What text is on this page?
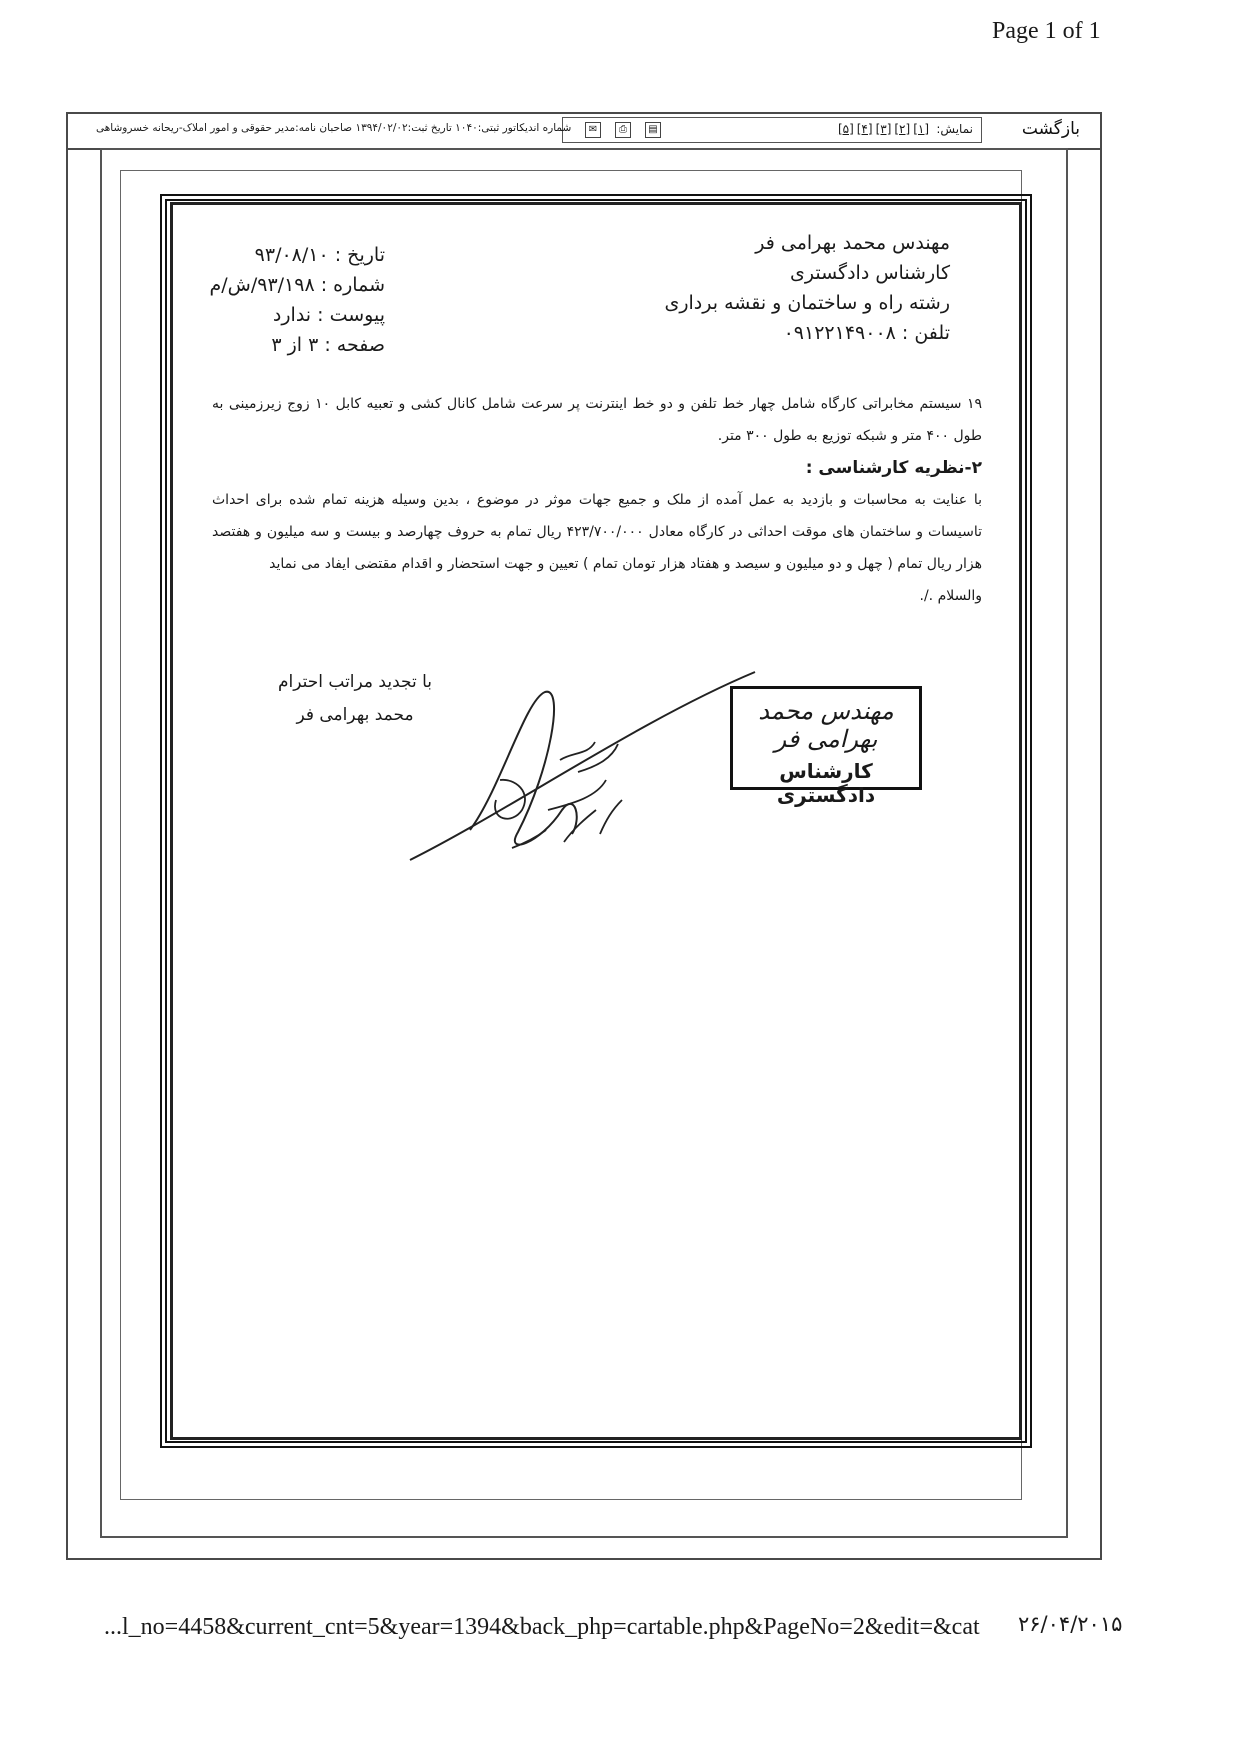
Page 1 of 1
بازگشت
نمایش:
[۵] [۴] [۳] [۲] [۱]
▤
⎙
✉
شماره اندیکاتور ثبتی:۱۰۴۰ تاریخ ثبت:۱۳۹۴/۰۲/۰۲ صاحبان نامه:مدیر حقوقی و امور املاک-ریحانه خسروشاهی
مهندس محمد بهرامی فر
کارشناس دادگستری
رشته راه و ساختمان و نقشه برداری
تلفن : ۰۹۱۲۲۱۴۹۰۰۸
تاریخ : ۹۳/۰۸/۱۰
شماره : ۹۳/۱۹۸/ش/م
پیوست : ندارد
صفحه : ۳ از ۳
۱۹ سیستم مخابراتی کارگاه شامل چهار خط تلفن و دو خط اینترنت پر سرعت شامل کانال کشی و تعبیه کابل ۱۰ زوج زیرزمینی به طول ۴۰۰ متر و شبکه توزیع به طول ۳۰۰ متر.
۲-نظریه کارشناسی :
با عنایت به محاسبات و بازدید به عمل آمده از ملک و جمیع جهات موثر در موضوع ، بدین وسیله هزینه تمام شده برای احداث تاسیسات و ساختمان های موقت احداثی در کارگاه معادل ۴۲۳/۷۰۰/۰۰۰ ریال تمام به حروف چهارصد و بیست و سه میلیون و هفتصد هزار ریال تمام ( چهل و دو میلیون و سیصد و هفتاد هزار تومان تمام ) تعیین و جهت استحضار و اقدام مقتضی ایفاد می نماید
والسلام ./.
با تجدید مراتب احترام
محمد بهرامی فر	مهندس محمد بهرامی فر
کارشناس دادگستری
...l_no=4458&current_cnt=5&year=1394&back_php=cartable.php&PageNo=2&edit=&cat ۲۶/۰۴/۲۰۱۵
